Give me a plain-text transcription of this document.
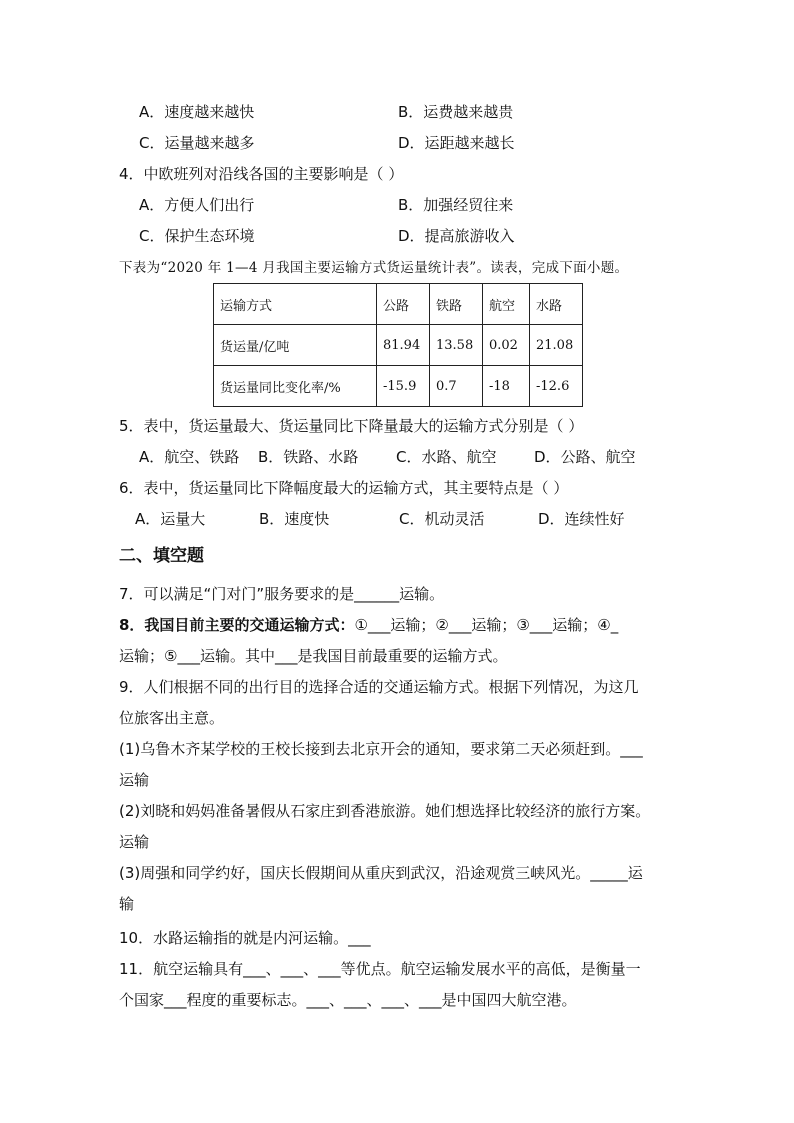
A．速度越来越快	B．运费越来越贵
C．运量越来越多	D．运距越来越长
4．中欧班列对沿线各国的主要影响是（ ）
A．方便人们出行	B．加强经贸往来
C．保护生态环境	D．提高旅游收入
下表为“2020 年 1—4 月我国主要运输方式货运量统计表”。读表，完成下面小题。
运输方式	公路	铁路	航空	水路
货运量/亿吨	81.94	13.58	0.02	21.08
货运量同比变化率/%	-15.9	0.7	-18	-12.6
5．表中，货运量最大、货运量同比下降量最大的运输方式分别是（ ）
A．航空、铁路 B．铁路、水路	C．水路、航空	D．公路、航空
6．表中，货运量同比下降幅度最大的运输方式，其主要特点是（ ）
A．运量大	B．速度快	C．机动灵活	D．连续性好
二、填空题
7．可以满足“门对门”服务要求的是______运输。
8．我国目前主要的交通运输方式：①___运输；②___运输；③___运输；④_
运输；⑤___运输。其中___是我国目前最重要的运输方式。
9．人们根据不同的出行目的选择合适的交通运输方式。根据下列情况，为这几
位旅客出主意。
(1)乌鲁木齐某学校的王校长接到去北京开会的通知，要求第二天必须赶到。___
运输
(2)刘晓和妈妈准备暑假从石家庄到香港旅游。她们想选择比较经济的旅行方案。
运输
(3)周强和同学约好，国庆长假期间从重庆到武汉，沿途观赏三峡风光。_____运
输
10．水路运输指的就是内河运输。___
11．航空运输具有___、___、___等优点。航空运输发展水平的高低，是衡量一
个国家___程度的重要标志。___、___、___、___是中国四大航空港。
